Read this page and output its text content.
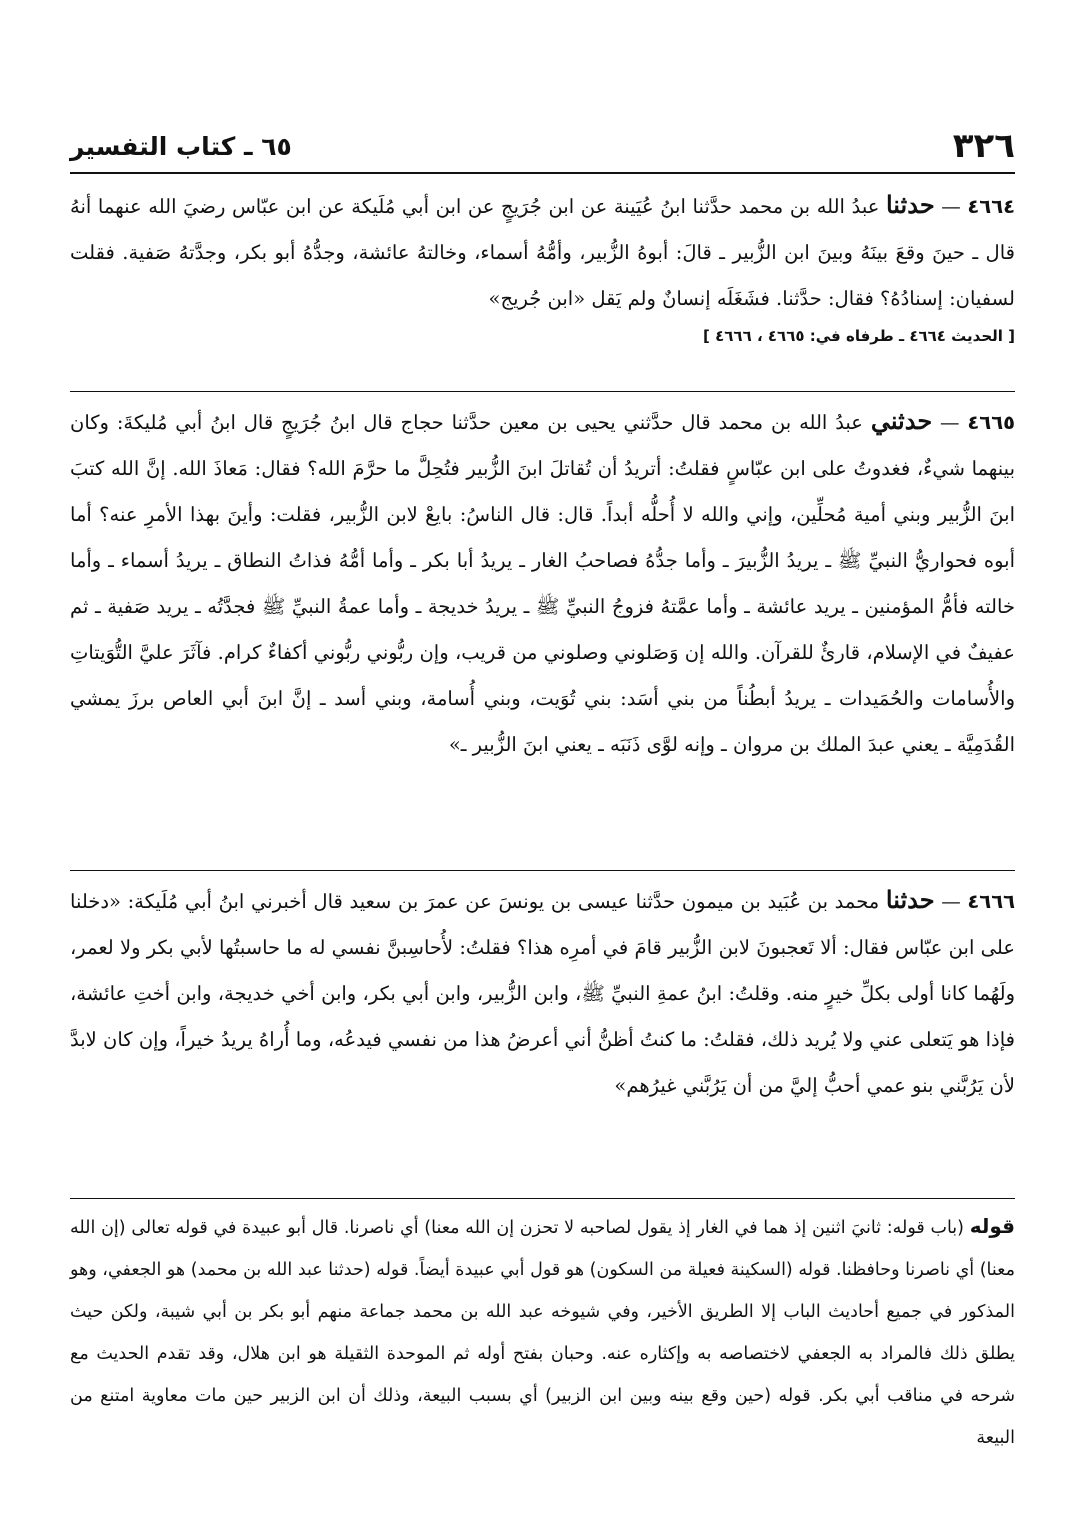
٣٢٦
٦٥ ـ كتاب التفسير
٤٦٦٤ — حدثنا عبدُ الله بن محمد حدَّثنا ابنُ عُيَينة عن ابن جُرَيجٍ عن ابن أبي مُلَيكة عن ابن عبّاس رضيَ الله عنهما أنهُ قال ـ حينَ وقعَ بينَهُ وبينَ ابن الزُّبير ـ قالَ: أبوهُ الزُّبير، وأمُّهُ أسماء، وخالتهُ عائشة، وجدُّهُ أبو بكر، وجدَّتهُ صَفية. فقلت لسفيان: إسنادُهُ؟ فقال: حدَّثنا. فشَغَلَه إنسانٌ ولم يَقل «ابن جُريج»
[ الحديث ٤٦٦٤ ـ طرفاه في: ٤٦٦٥ ، ٤٦٦٦ ]
٤٦٦٥ — حدثني عبدُ الله بن محمد قال حدَّثني يحيى بن معين حدَّثنا حجاج قال ابنُ جُرَيجٍ قال ابنُ أبي مُليكةَ: وكان بينهما شيءٌ، فغدوتُ على ابن عبّاسٍ فقلتُ: أتريدُ أن تُقاتلَ ابنَ الزُّبير فتُحِلَّ ما حرَّمَ الله؟ فقال: مَعاذَ الله. إنَّ الله كتبَ ابنَ الزُّبير وبني أمية مُحلِّين، وإني والله لا أُحلُّه أبداً. قال: قال الناسُ: بايعْ لابن الزُّبير، فقلت: وأينَ بهذا الأمرِ عنه؟ أما أبوه فحواريُّ النبيِّ ﷺ ـ يريدُ الزُّبيرَ ـ وأما جدُّهُ فصاحبُ الغار ـ يريدُ أبا بكر ـ وأما أمُّهُ فذاتُ النطاق ـ يريدُ أسماء ـ وأما خالته فأمُّ المؤمنين ـ يريد عائشة ـ وأما عمَّتهُ فزوجُ النبيِّ ﷺ ـ يريدُ خديجة ـ وأما عمةُ النبيِّ ﷺ فجدَّتُه ـ يريد صَفية ـ ثم عفيفٌ في الإسلام، قارئٌ للقرآن. والله إن وَصَلوني وصلوني من قريب، وإن ربُّوني ربُّوني أكفاءٌ كرام. فآثَرَ عليَّ التُّوَيتاتِ والأُسامات والحُمَيدات ـ يريدُ أبطُناً من بني أسَد: بني تُوَيت، وبني أُسامة، وبني أسد ـ إنَّ ابنَ أبي العاص برزَ يمشي القُدَمِيَّة ـ يعني عبدَ الملك بن مروان ـ وإنه لوَّى ذَنَبَه ـ يعني ابنَ الزُّبير ـ»
٤٦٦٦ — حدثنا محمد بن عُبَيد بن ميمون حدَّثنا عيسى بن يونسَ عن عمرَ بن سعيد قال أخبرني ابنُ أبي مُلَيكة: «دخلنا على ابن عبّاس فقال: ألا تَعجبونَ لابن الزُّبير قامَ في أمرِه هذا؟ فقلتُ: لأُحاسِبنَّ نفسي له ما حاسبتُها لأبي بكر ولا لعمر، ولَهُما كانا أولى بكلِّ خيرٍ منه. وقلتُ: ابنُ عمةِ النبيِّ ﷺ، وابن الزُّبير، وابن أبي بكر، وابن أخي خديجة، وابن أختِ عائشة، فإذا هو يَتعلى عني ولا يُريد ذلك، فقلتُ: ما كنتُ أظنُّ أني أعرضُ هذا من نفسي فيدعُه، وما أُراهُ يريدُ خيراً، وإن كان لابدَّ لأن يَرُبَّني بنو عمي أحبُّ إليَّ من أن يَرُبَّني غيرُهم»
قوله (باب قوله: ثانيَ اثنين إذ هما في الغار إذ يقول لصاحبه لا تحزن إن الله معنا) أي ناصرنا. قال أبو عبيدة في قوله تعالى (إن الله معنا) أي ناصرنا وحافظنا. قوله (السكينة فعيلة من السكون) هو قول أبي عبيدة أيضاً. قوله (حدثنا عبد الله بن محمد) هو الجعفي، وهو المذكور في جميع أحاديث الباب إلا الطريق الأخير، وفي شيوخه عبد الله بن محمد جماعة منهم أبو بكر بن أبي شيبة، ولكن حيث يطلق ذلك فالمراد به الجعفي لاختصاصه به وإكثاره عنه. وحبان بفتح أوله ثم الموحدة الثقيلة هو ابن هلال، وقد تقدم الحديث مع شرحه في مناقب أبي بكر. قوله (حين وقع بينه وبين ابن الزبير) أي بسبب البيعة، وذلك أن ابن الزبير حين مات معاوية امتنع من البيعة
